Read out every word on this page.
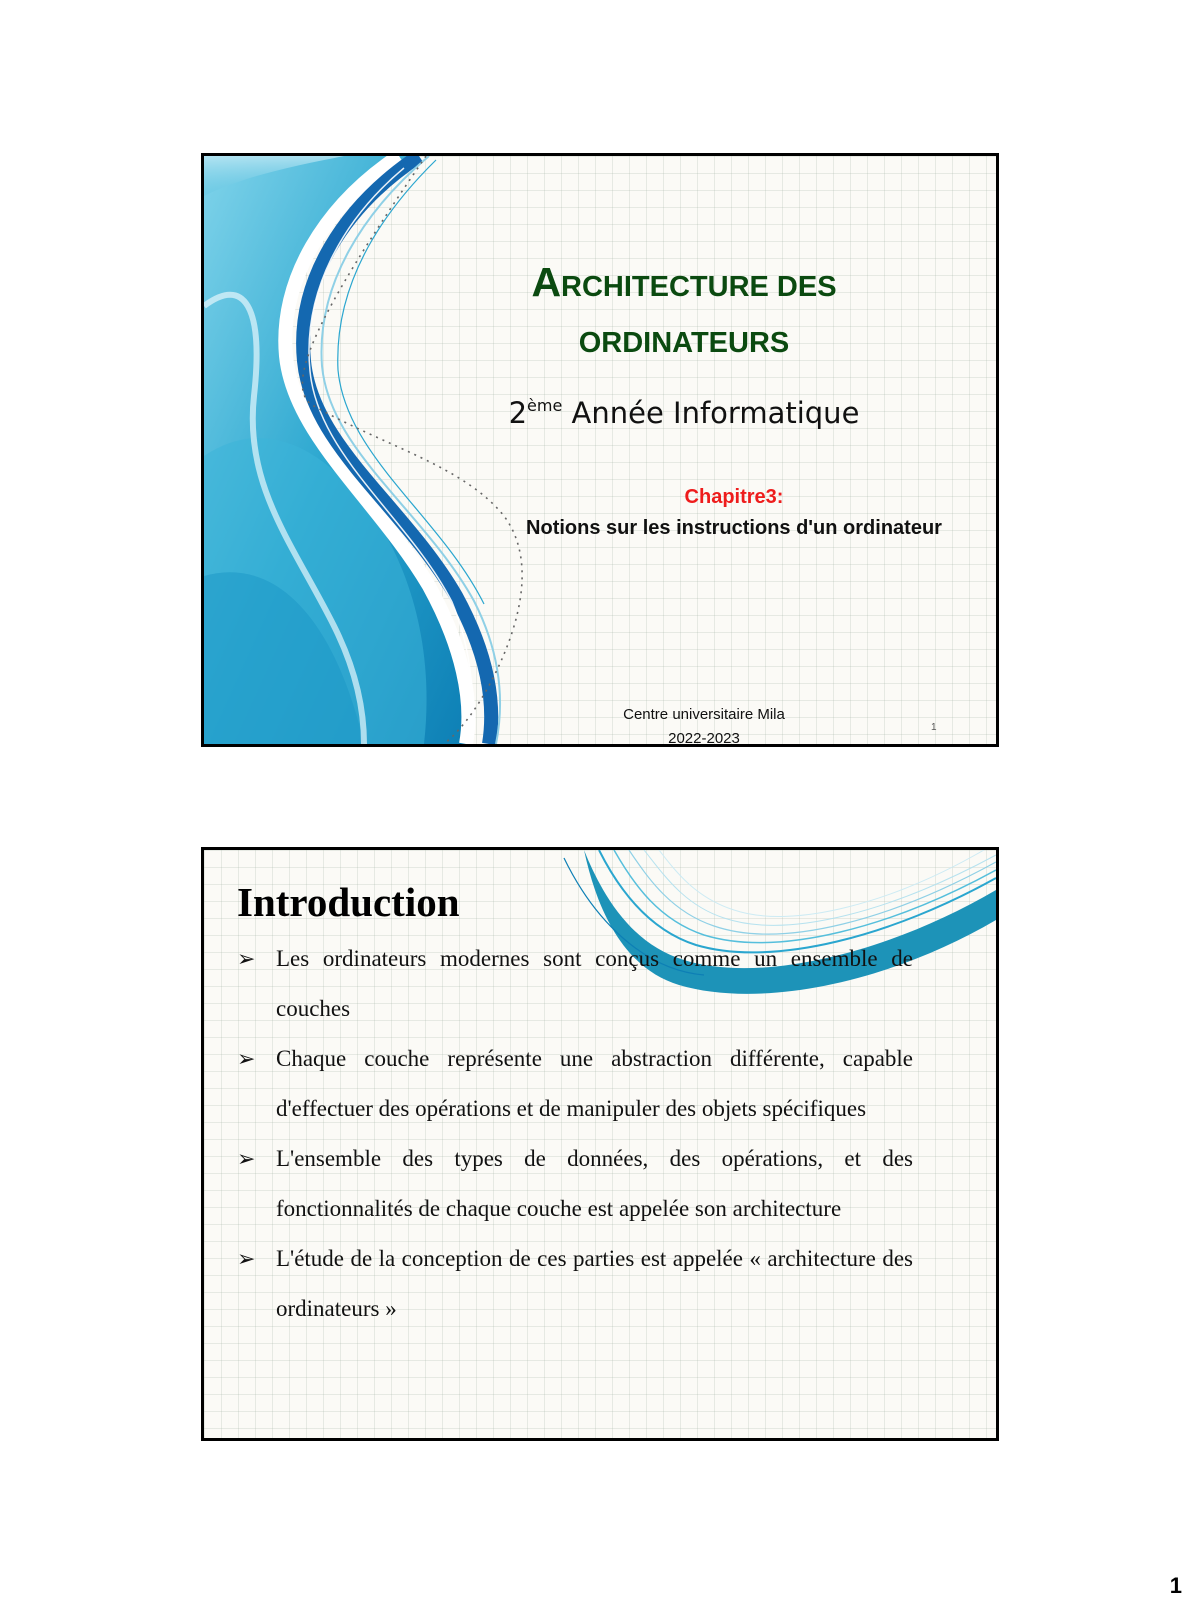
ARCHITECTURE DES
ORDINATEURS
2ème Année Informatique
Chapitre3:
Notions sur les instructions d'un ordinateur
Centre universitaire Mila
2022-2023
1
Introduction
➢ Les ordinateurs modernes sont conçus comme un ensemble de couches
➢ Chaque couche représente une abstraction différente, capable d'effectuer des opérations et de manipuler des objets spécifiques
➢ L'ensemble des types de données, des opérations, et des fonctionnalités de chaque couche est appelée son architecture
➢ L'étude de la conception de ces parties est appelée « architecture des ordinateurs »
1
